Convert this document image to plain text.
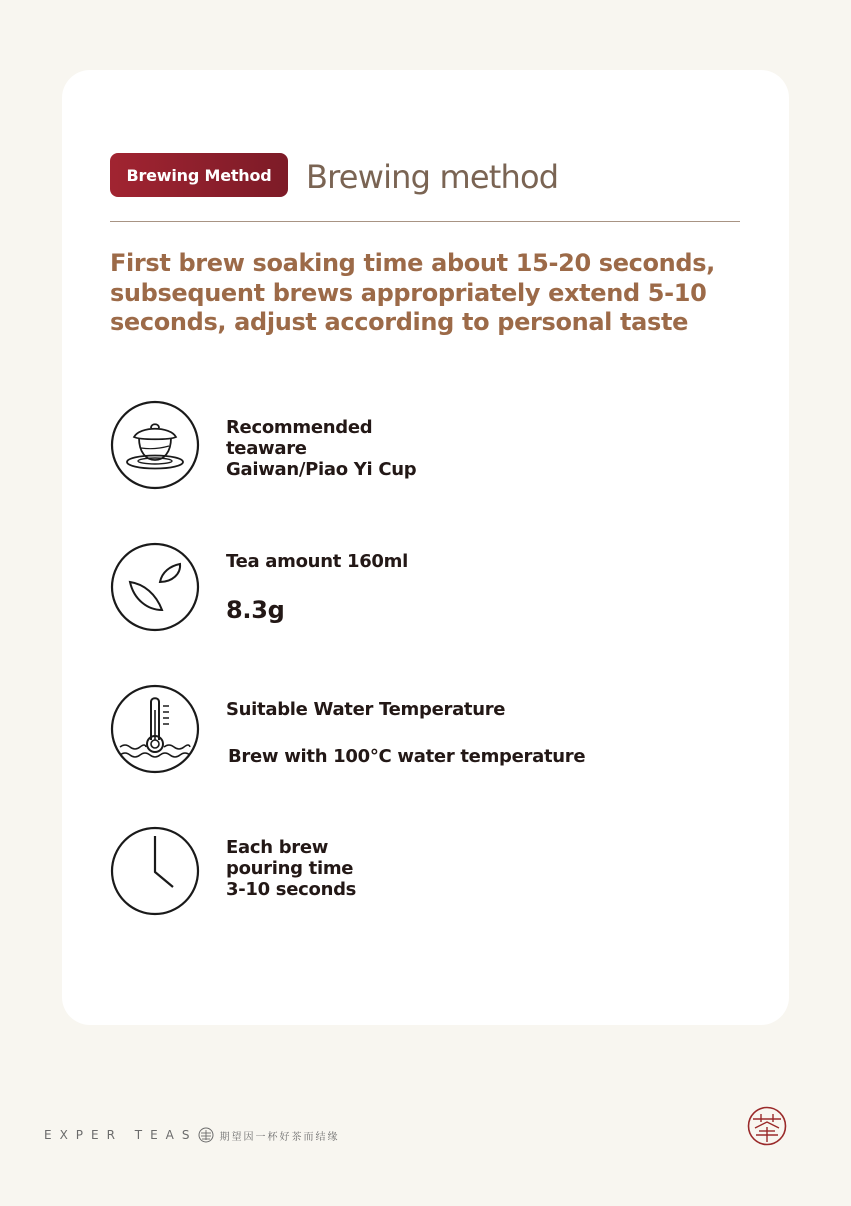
Brewing Method	Brewing method
First brew soaking time about 15-20 seconds, subsequent brews appropriately extend 5-10 seconds, adjust according to personal taste
Recommended
teaware
Gaiwan/Piao Yi Cup
Tea amount 160ml
8.3g
Suitable Water Temperature
Brew with 100°C water temperature
Each brew
pouring time
3-10 seconds
EXPER TEAS 期望因一杯好茶而结缘
